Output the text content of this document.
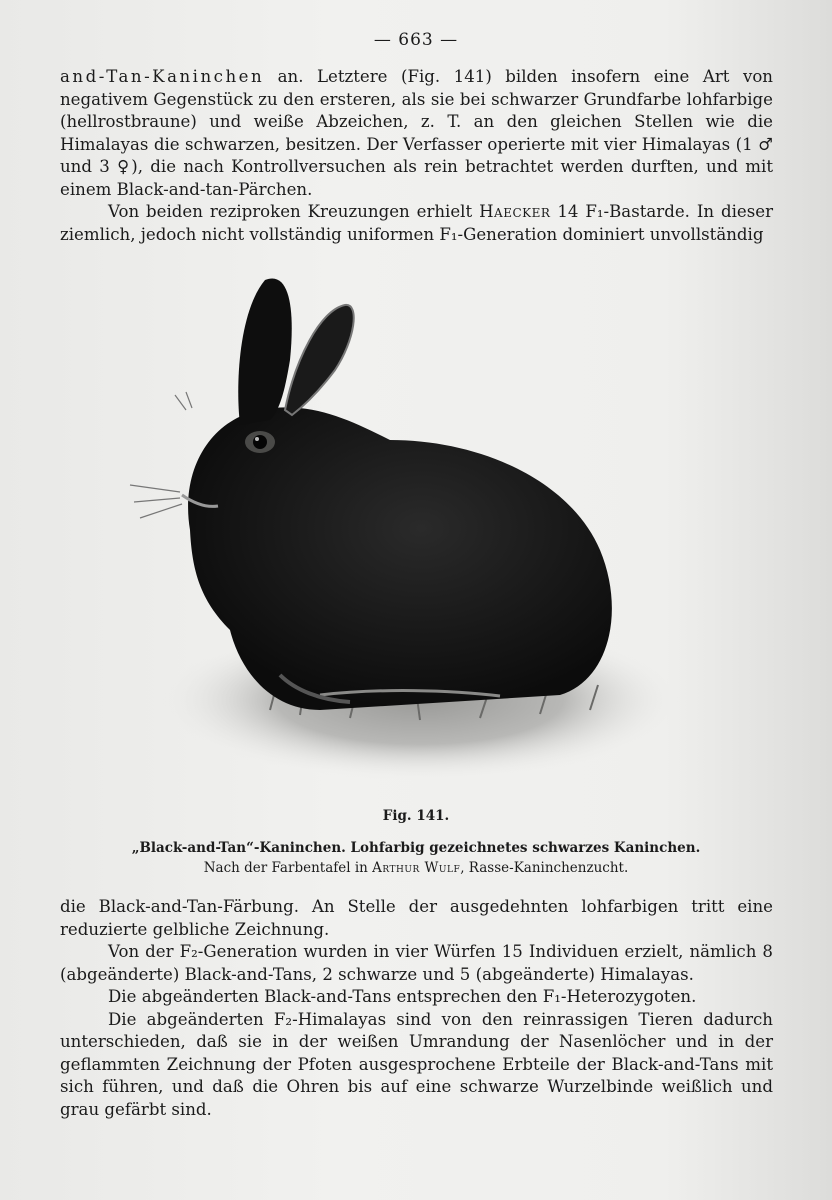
— 663 —

and-Tan-Kaninchen an. Letztere (Fig. 141) bilden insofern eine Art von negativem Gegenstück zu den ersteren, als sie bei schwarzer Grundfarbe lohfarbige (hellrostbraune) und weiße Abzeichen, z. T. an den gleichen Stellen wie die Himalayas die schwarzen, besitzen. Der Verfasser operierte mit vier Himalayas (1 ♂ und 3 ♀), die nach Kontrollversuchen als rein betrachtet werden durften, und mit einem Black-and-tan-Pärchen.

Von beiden reziproken Kreuzungen erhielt Haecker 14 F₁-Bastarde. In dieser ziemlich, jedoch nicht vollständig uniformen F₁-Generation dominiert unvollständig

Fig. 141.
„Black-and-Tan“-Kaninchen. Lohfarbig gezeichnetes schwarzes Kaninchen.
Nach der Farbentafel in Arthur Wulf, Rasse-Kaninchenzucht.

die Black-and-Tan-Färbung. An Stelle der ausgedehnten lohfarbigen tritt eine reduzierte gelbliche Zeichnung.

Von der F₂-Generation wurden in vier Würfen 15 Individuen erzielt, nämlich 8 (abgeänderte) Black-and-Tans, 2 schwarze und 5 (abgeänderte) Himalayas.

Die abgeänderten Black-and-Tans entsprechen den F₁-Heterozygoten.

Die abgeänderten F₂-Himalayas sind von den reinrassigen Tieren dadurch unterschieden, daß sie in der weißen Umrandung der Nasenlöcher und in der geflammten Zeichnung der Pfoten ausgesprochene Erbteile der Black-and-Tans mit sich führen, und daß die Ohren bis auf eine schwarze Wurzelbinde weißlich und grau gefärbt sind.
